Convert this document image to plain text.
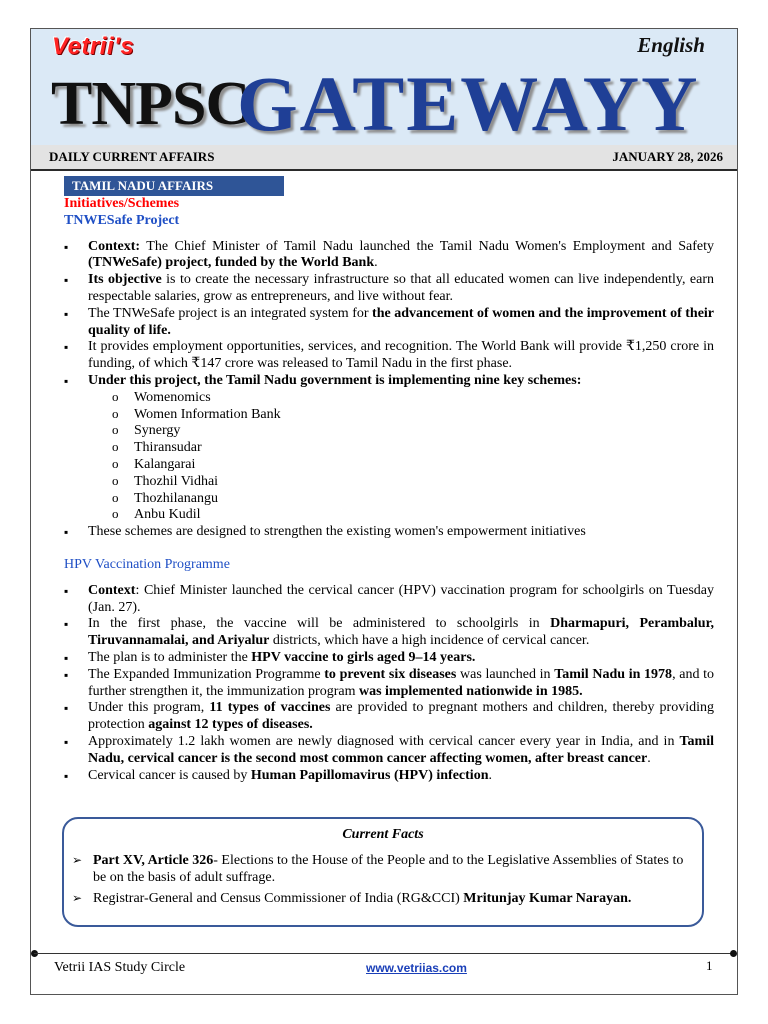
Vetrii's	English
TNPSC
GATEWAYY
DAILY CURRENT AFFAIRS	JANUARY 28, 2026
TAMIL NADU AFFAIRS
Initiatives/Schemes
TNWESafe Project
▪ Context: The Chief Minister of Tamil Nadu launched the Tamil Nadu Women's Employment and Safety (TNWeSafe) project, funded by the World Bank.
▪ Its objective is to create the necessary infrastructure so that all educated women can live independently, earn respectable salaries, grow as entrepreneurs, and live without fear.
▪ The TNWeSafe project is an integrated system for the advancement of women and the improvement of their quality of life.
▪ It provides employment opportunities, services, and recognition. The World Bank will provide ₹1,250 crore in funding, of which ₹147 crore was released to Tamil Nadu in the first phase.
▪ Under this project, the Tamil Nadu government is implementing nine key schemes:
o Womenomics
o Women Information Bank
o Synergy
o Thiransudar
o Kalangarai
o Thozhil Vidhai
o Thozhilanangu
o Anbu Kudil
▪ These schemes are designed to strengthen the existing women's empowerment initiatives
HPV Vaccination Programme
▪ Context: Chief Minister launched the cervical cancer (HPV) vaccination program for schoolgirls on Tuesday (Jan. 27).
▪ In the first phase, the vaccine will be administered to schoolgirls in Dharmapuri, Perambalur, Tiruvannamalai, and Ariyalur districts, which have a high incidence of cervical cancer.
▪ The plan is to administer the HPV vaccine to girls aged 9–14 years.
▪ The Expanded Immunization Programme to prevent six diseases was launched in Tamil Nadu in 1978, and to further strengthen it, the immunization program was implemented nationwide in 1985.
▪ Under this program, 11 types of vaccines are provided to pregnant mothers and children, thereby providing protection against 12 types of diseases.
▪ Approximately 1.2 lakh women are newly diagnosed with cervical cancer every year in India, and in Tamil Nadu, cervical cancer is the second most common cancer affecting women, after breast cancer.
▪ Cervical cancer is caused by Human Papillomavirus (HPV) infection.
Current Facts
➢ Part XV, Article 326- Elections to the House of the People and to the Legislative Assemblies of States to be on the basis of adult suffrage.
➢ Registrar-General and Census Commissioner of India (RG&CCI) Mritunjay Kumar Narayan.
Vetrii IAS Study Circle	www.vetriias.com	1
